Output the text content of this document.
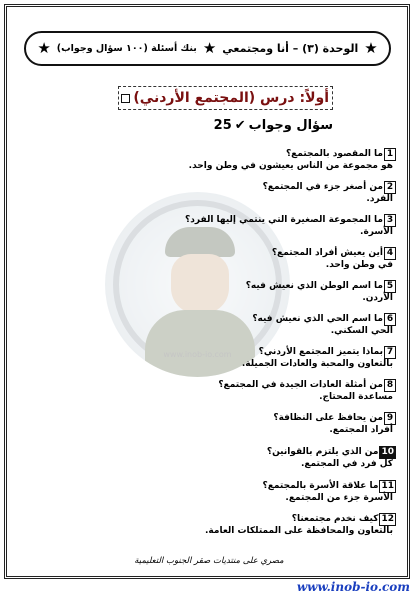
★ بنك أسئلة (١٠٠ سؤال وجواب) ★ الوحدة (٣) – أنا ومجتمعي ★
www.inob-io.com
أولاً: درس (المجتمع الأردني)
25 ✔ سؤال وجواب
1
ما المقصود بالمجتمع؟
هو مجموعة من الناس يعيشون في وطن واحد.
2
من أصغر جزء في المجتمع؟
الفرد.
3
ما المجموعة الصغيرة التي ينتمي إليها الفرد؟
الأسرة.
4
أين يعيش أفراد المجتمع؟
في وطن واحد.
5
ما اسم الوطن الذي نعيش فيه؟
الأردن.
6
ما اسم الحي الذي نعيش فيه؟
الحي السكني.
7
بماذا يتميز المجتمع الأردني؟
بالتعاون والمحبة والعادات الجميلة.
8
من أمثلة العادات الجيدة في المجتمع؟
مساعدة المحتاج.
9
من يحافظ على النظافة؟
أفراد المجتمع.
10
من الذي يلتزم بالقوانين؟
كل فرد في المجتمع.
11
ما علاقة الأسرة بالمجتمع؟
الأسرة جزء من المجتمع.
12
كيف نخدم مجتمعنا؟
بالتعاون والمحافظة على الممتلكات العامة.
مصري على منتديات صقر الجنوب التعليمية
www.inob-io.com
